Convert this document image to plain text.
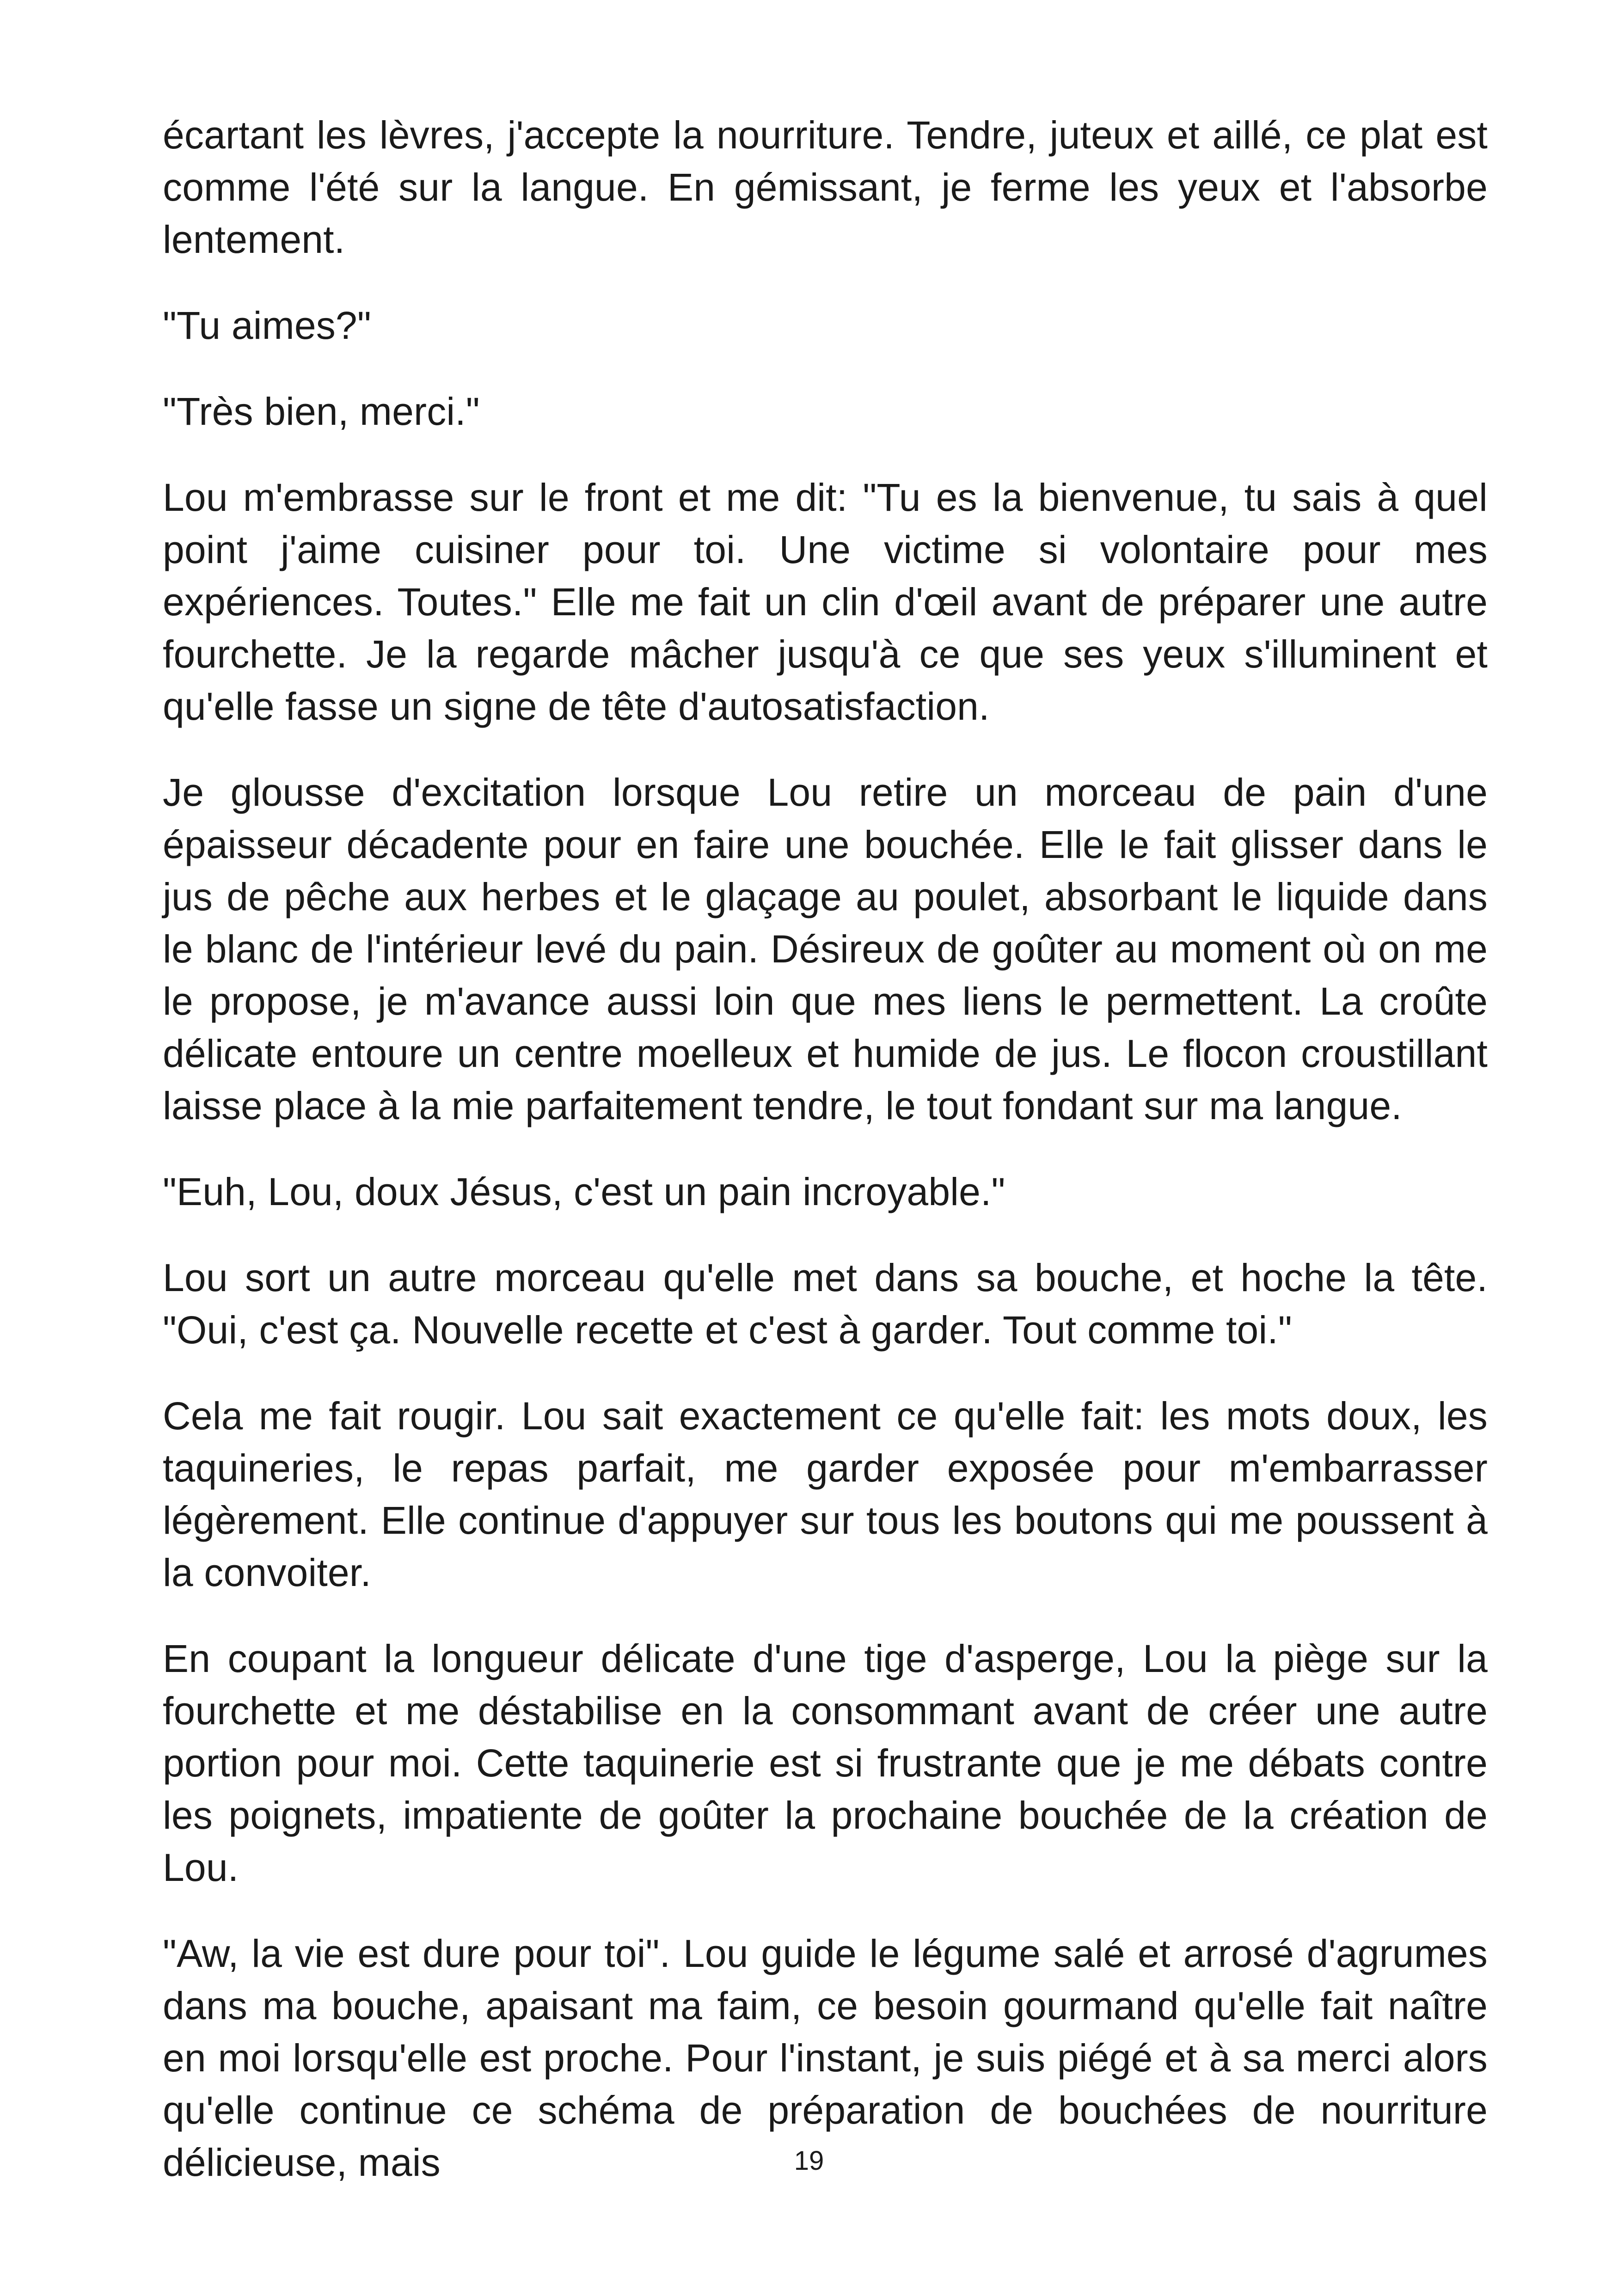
écartant les lèvres, j'accepte la nourriture. Tendre, juteux et aillé, ce plat est comme l'été sur la langue. En gémissant, je ferme les yeux et l'absorbe lentement.

"Tu aimes?"

"Très bien, merci."

Lou m'embrasse sur le front et me dit: "Tu es la bienvenue, tu sais à quel point j'aime cuisiner pour toi. Une victime si volontaire pour mes expériences. Toutes." Elle me fait un clin d'œil avant de préparer une autre fourchette. Je la regarde mâcher jusqu'à ce que ses yeux s'illuminent et qu'elle fasse un signe de tête d'autosatisfaction.

Je glousse d'excitation lorsque Lou retire un morceau de pain d'une épaisseur décadente pour en faire une bouchée. Elle le fait glisser dans le jus de pêche aux herbes et le glaçage au poulet, absorbant le liquide dans le blanc de l'intérieur levé du pain. Désireux de goûter au moment où on me le propose, je m'avance aussi loin que mes liens le permettent. La croûte délicate entoure un centre moelleux et humide de jus. Le flocon croustillant laisse place à la mie parfaitement tendre, le tout fondant sur ma langue.

"Euh, Lou, doux Jésus, c'est un pain incroyable."

Lou sort un autre morceau qu'elle met dans sa bouche, et hoche la tête. "Oui, c'est ça. Nouvelle recette et c'est à garder. Tout comme toi."

Cela me fait rougir. Lou sait exactement ce qu'elle fait: les mots doux, les taquineries, le repas parfait, me garder exposée pour m'embarrasser légèrement. Elle continue d'appuyer sur tous les boutons qui me poussent à la convoiter.

En coupant la longueur délicate d'une tige d'asperge, Lou la piège sur la fourchette et me déstabilise en la consommant avant de créer une autre portion pour moi. Cette taquinerie est si frustrante que je me débats contre les poignets, impatiente de goûter la prochaine bouchée de la création de Lou.

"Aw, la vie est dure pour toi". Lou guide le légume salé et arrosé d'agrumes dans ma bouche, apaisant ma faim, ce besoin gourmand qu'elle fait naître en moi lorsqu'elle est proche. Pour l'instant, je suis piégé et à sa merci alors qu'elle continue ce schéma de préparation de bouchées de nourriture délicieuse, mais	19
